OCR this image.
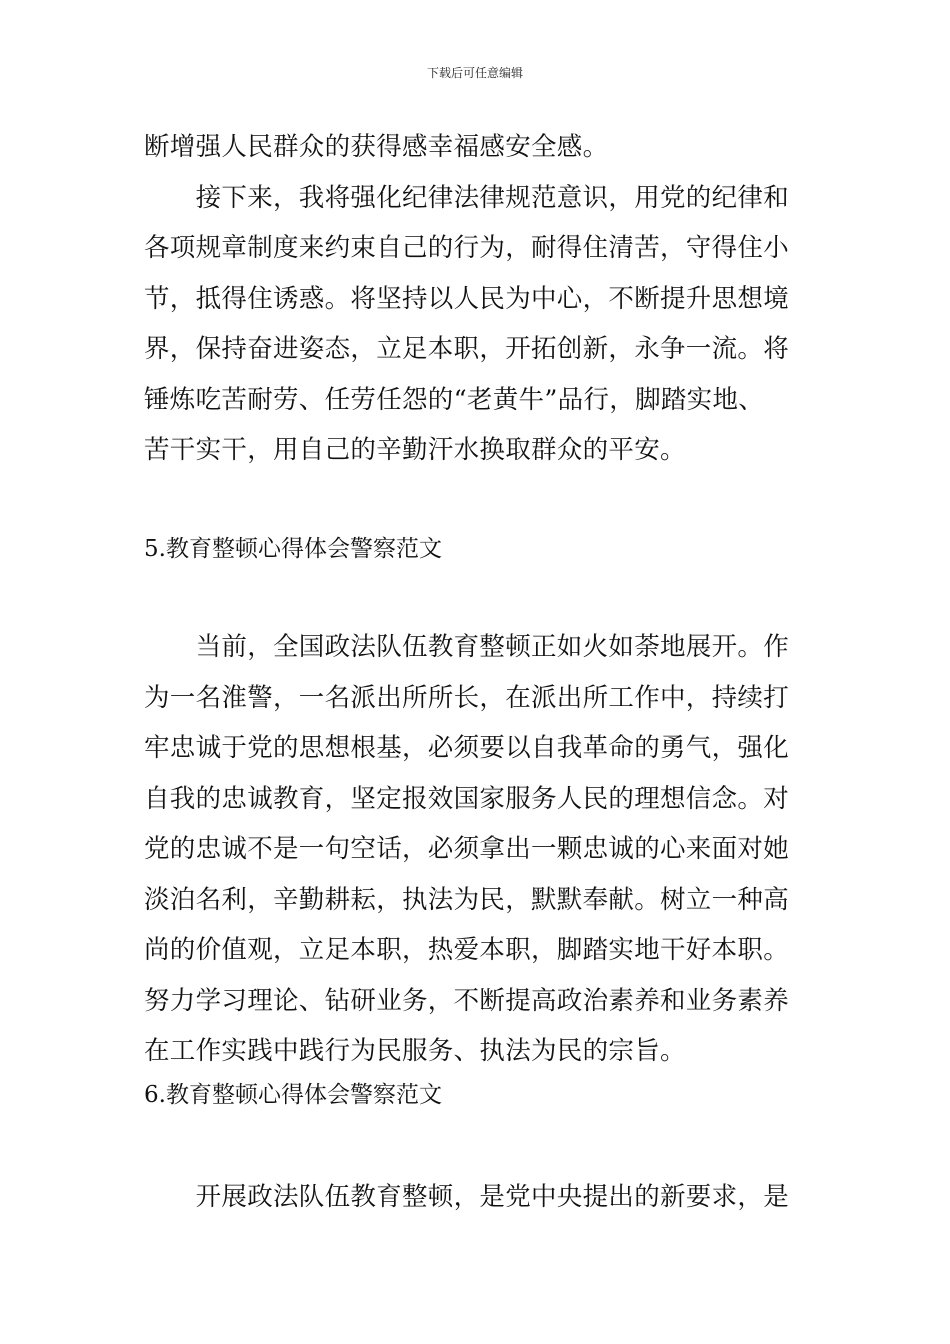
下载后可任意编辑
断增强人民群众的获得感幸福感安全感。
　　接下来，我将强化纪律法律规范意识，用党的纪律和
各项规章制度来约束自己的行为，耐得住清苦，守得住小
节，抵得住诱惑。将坚持以人民为中心，不断提升思想境
界，保持奋进姿态，立足本职，开拓创新，永争一流。将
锤炼吃苦耐劳、任劳任怨的“老黄牛”品行，脚踏实地、
苦干实干，用自己的辛勤汗水换取群众的平安。
5.教育整顿心得体会警察范文
　　当前，全国政法队伍教育整顿正如火如荼地展开。作
为一名淮警，一名派出所所长，在派出所工作中，持续打
牢忠诚于党的思想根基，必须要以自我革命的勇气，强化
自我的忠诚教育，坚定报效国家服务人民的理想信念。对
党的忠诚不是一句空话，必须拿出一颗忠诚的心来面对她
淡泊名利，辛勤耕耘，执法为民，默默奉献。树立一种高
尚的价值观，立足本职，热爱本职，脚踏实地干好本职。
努力学习理论、钻研业务，不断提高政治素养和业务素养
在工作实践中践行为民服务、执法为民的宗旨。
6.教育整顿心得体会警察范文
　　开展政法队伍教育整顿，是党中央提出的新要求，是
